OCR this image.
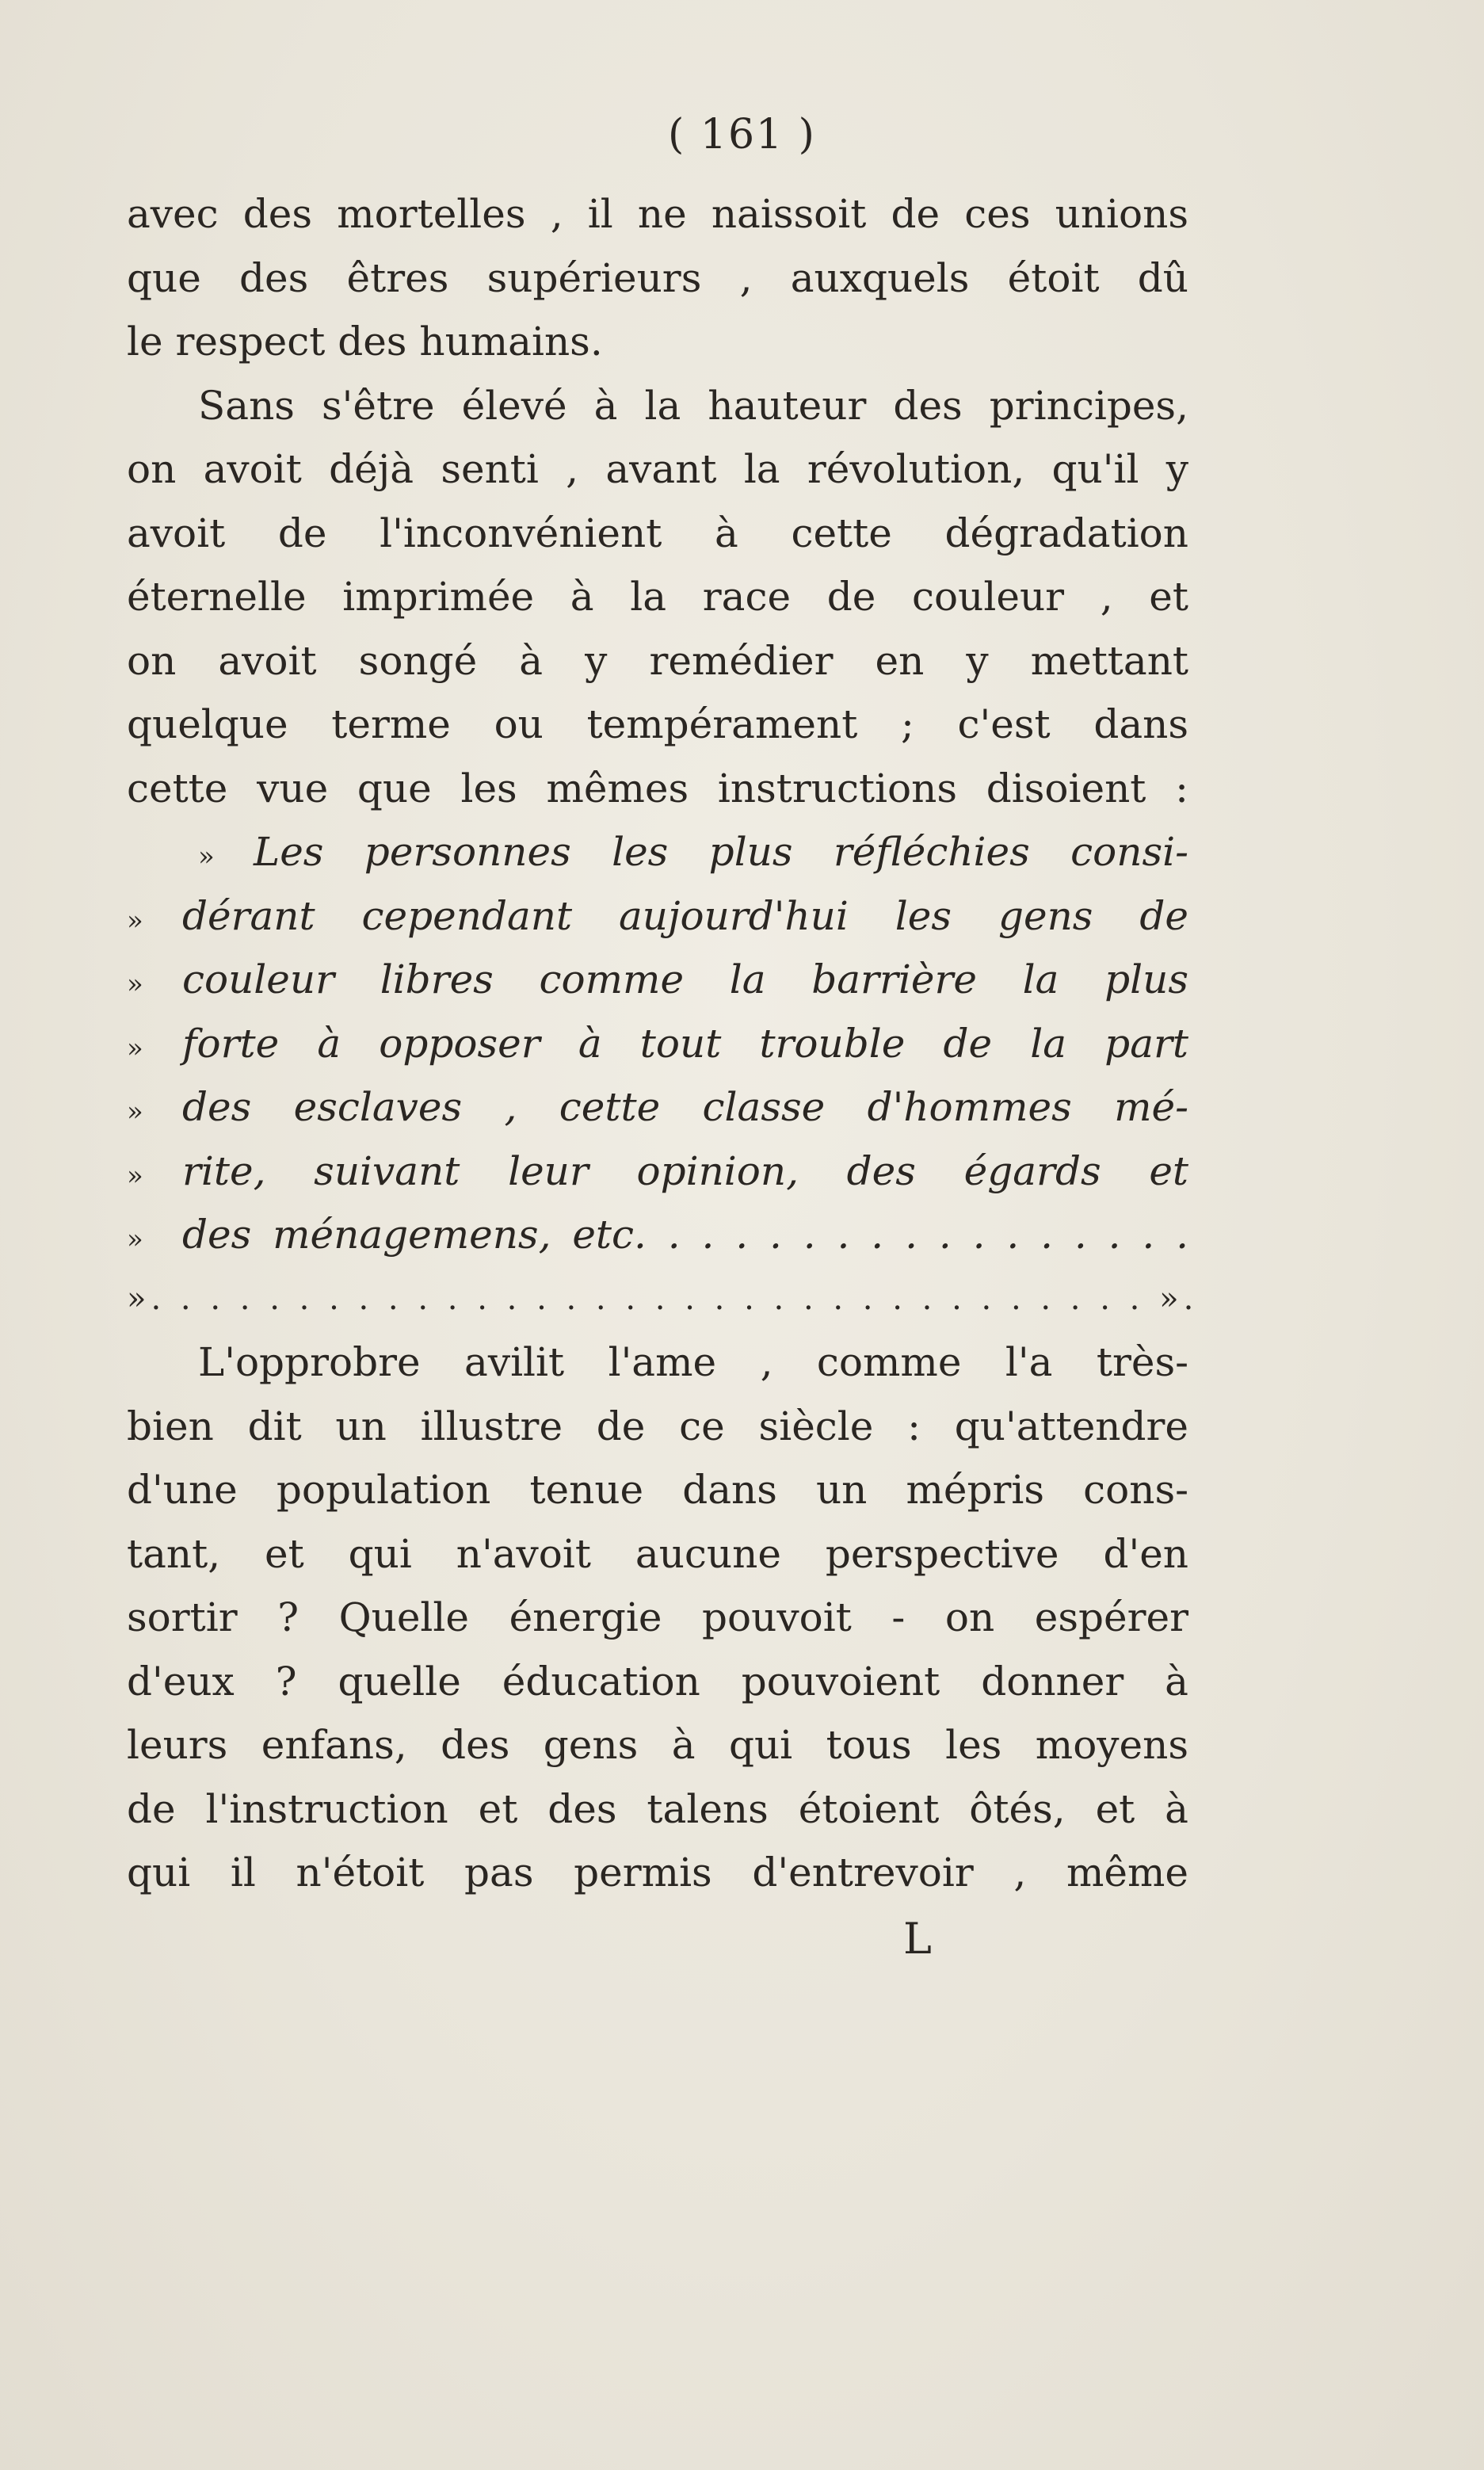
( 161 )
avec des mortelles , il ne naissoit de ces unions
que des êtres supérieurs , auxquels étoit dû
le respect des humains.
Sans s'être élevé à la hauteur des principes,
on avoit déjà senti , avant la révolution, qu'il y
avoit de l'inconvénient à cette dégradation
éternelle imprimée à la race de couleur , et
on avoit songé à y remédier en y mettant
quelque terme ou tempérament ; c'est dans
cette vue que les mêmes instructions disoient :
» Les personnes les plus réfléchies consi-
» dérant cependant aujourd'hui les gens de
» couleur libres comme la barrière la plus
» forte à opposer à tout trouble de la part
» des esclaves , cette classe d'hommes mé-
» rite, suivant leur opinion, des égards et
» des ménagemens, etc. . . . . . . . . . . . . . . . .
». . . . . . . . . . . . . . . . . . . . . . . . . . . . . . . . . . ».
L'opprobre avilit l'ame , comme l'a très-
bien dit un illustre de ce siècle : qu'attendre
d'une population tenue dans un mépris cons-
tant, et qui n'avoit aucune perspective d'en
sortir ? Quelle énergie pouvoit - on espérer
d'eux ? quelle éducation pouvoient donner à
leurs enfans, des gens à qui tous les moyens
de l'instruction et des talens étoient ôtés, et à
qui il n'étoit pas permis d'entrevoir , même
L
